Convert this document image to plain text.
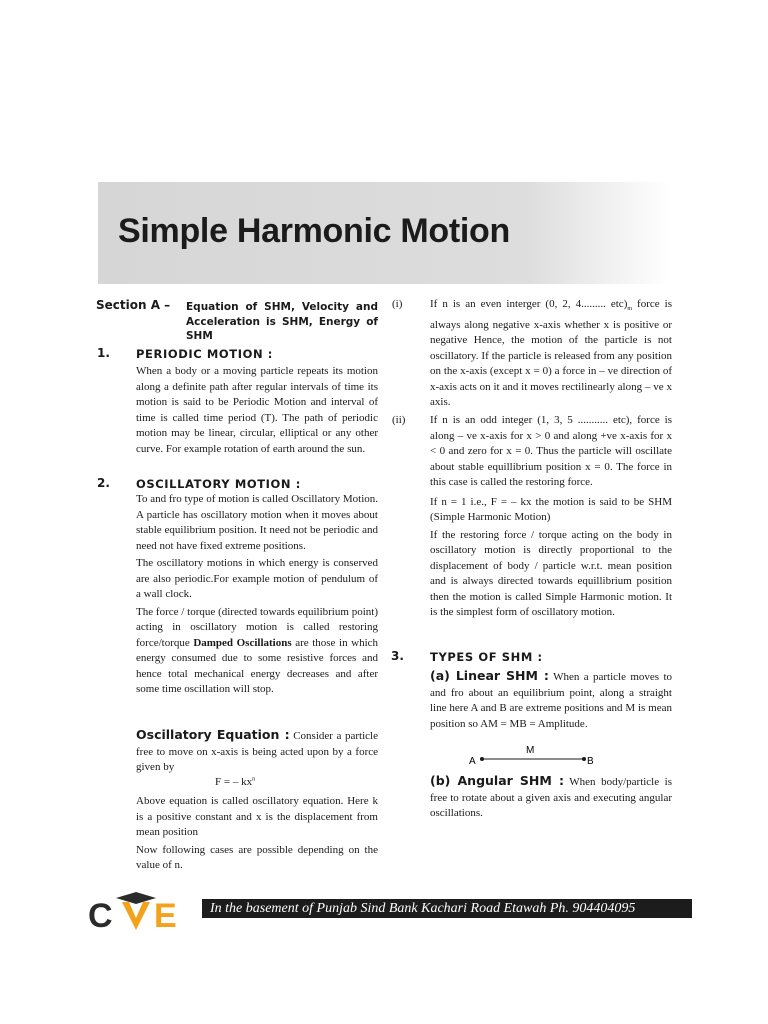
Simple Harmonic Motion
Section A – Equation of SHM, Velocity and Acceleration is SHM, Energy of SHM
1. PERIODIC MOTION :

When a body or a moving particle repeats its motion along a definite path after regular intervals of time its motion is said to be Periodic Motion and interval of time is called time period (T). The path of periodic motion may be linear, circular, elliptical or any other curve. For example rotation of earth around the sun.

2. OSCILLATORY MOTION :

To and fro type of motion is called Oscillatory Motion. A particle has oscillatory motion when it moves about stable equilibrium position. It need not be periodic and need not have fixed extreme positions.

The oscillatory motions in which energy is conserved are also periodic.For example motion of pendulum of a wall clock.

The force / torque (directed towards equilibrium point) acting in oscillatory motion is called restoring force/torque Damped Oscillations are those in which energy consumed due to some resistive forces and hence total mechanical energy decreases and after some time oscillation will stop.

Oscillatory Equation : Consider a particle free to move on x-axis is being acted upon by a force given by

F = – $kx^n$

Above equation is called oscillatory equation. Here k is a positive constant and x is the displacement from mean position

Now following cases are possible depending on the value of n.

(i)	If n is an even interger (0, 2, 4......... $etc)_m$ force is always along negative x-axis whether x is positive or negative Hence, the motion of the particle is not oscillatory. If the particle is released from any position on the x-axis (except x = 0) a force in – ve direction of x-axis acts on it and it moves rectilinearly along – ve x axis.

(ii) If n is an odd integer (1, 3, 5 ........... etc), force is along – ve x-axis for x > 0 and along +ve x-axis for x < 0 and zero for x = 0. Thus the particle will oscillate about stable equillibrium position x = 0. The force in this case is called the restoring force.

If n = 1 i.e., F = – kx the motion is said to be SHM (Simple Harmonic Motion)

If the restoring force / torque acting on the body in oscillatory motion is directly proportional to the displacement of body / particle w.r.t. mean position and is always directed towards equillibrium position then the motion is called Simple Harmonic motion. It is the simplest form of oscillatory motion.

3. TYPES OF SHM :

(a) Linear SHM : When a particle moves to and fro about an equilibrium point, along a straight line here A and B are extreme positions and M is mean position so AM = MB = Amplitude.

A
M
B

(b) Angular SHM : When body/particle is free to rotate about a given axis and executing angular oscillations.

C E	In the basement of Punjab Sind Bank Kachari Road Etawah Ph. 904404095
